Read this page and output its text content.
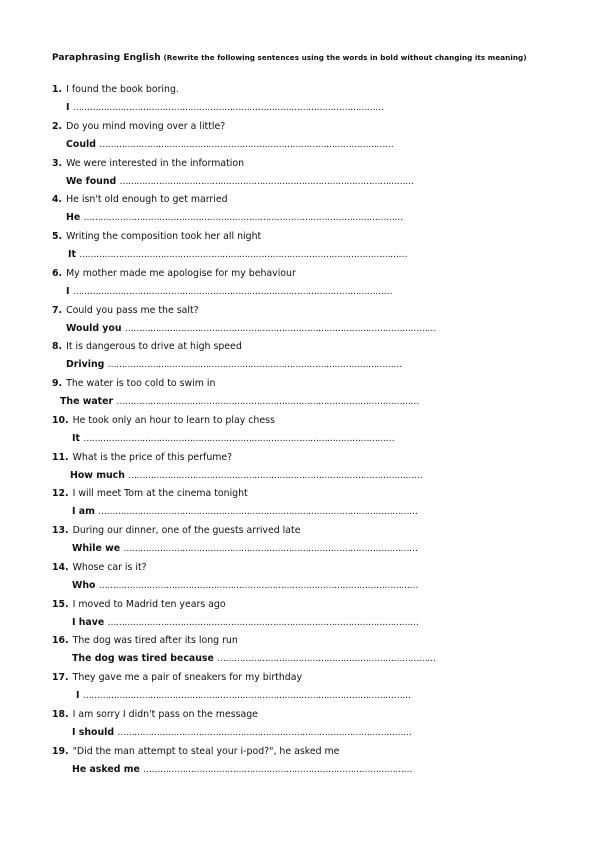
Paraphrasing English (Rewrite the following sentences using the words in bold without changing its meaning)
1. I found the book boring.
I …………………………………………………………………………………………………
2. Do you mind moving over a little?
Could ……………………………………………………………………………………………
3. We were interested in the information
We found ……………………………………………………………………………………………
4. He isn't old enough to get married
He ……………………………………………………………………………………………………
5. Writing the composition took her all night
It ………………………………………………………………………………………………………
6. My mother made me apologise for my behaviour
I ……………………………………………………………………………………………………
7. Could you pass me the salt?
Would you …………………………………………………………………………………………………
8. It is dangerous to drive at high speed
Driving ……………………………………………………………………………………………
9. The water is too cold to swim in
The water ………………………………………………………………………………………………
10. He took only an hour to learn to play chess
It …………………………………………………………………………………………………
11. What is the price of this perfume?
How much ……………………………………………………………………………………………
12. I will meet Tom at the cinema tonight
I am ……………………………………………………………………………………………………
13. During our dinner, one of the guests arrived late
While we ……………………………………………………………………………………………
14. Whose car is it?
Who ……………………………………………………………………………………………………
15. I moved to Madrid ten years ago
I have …………………………………………………………………………………………………
16. The dog was tired after its long run
The dog was tired because ……………………………………………………………………
17. They gave me a pair of sneakers for my birthday
I ………………………………………………………………………………………………………
18. I am sorry I didn't pass on the message
I should ……………………………………………………………………………………………
19. "Did the man attempt to steal your i-pod?", he asked me
He asked me ……………………………………………………………………………………
